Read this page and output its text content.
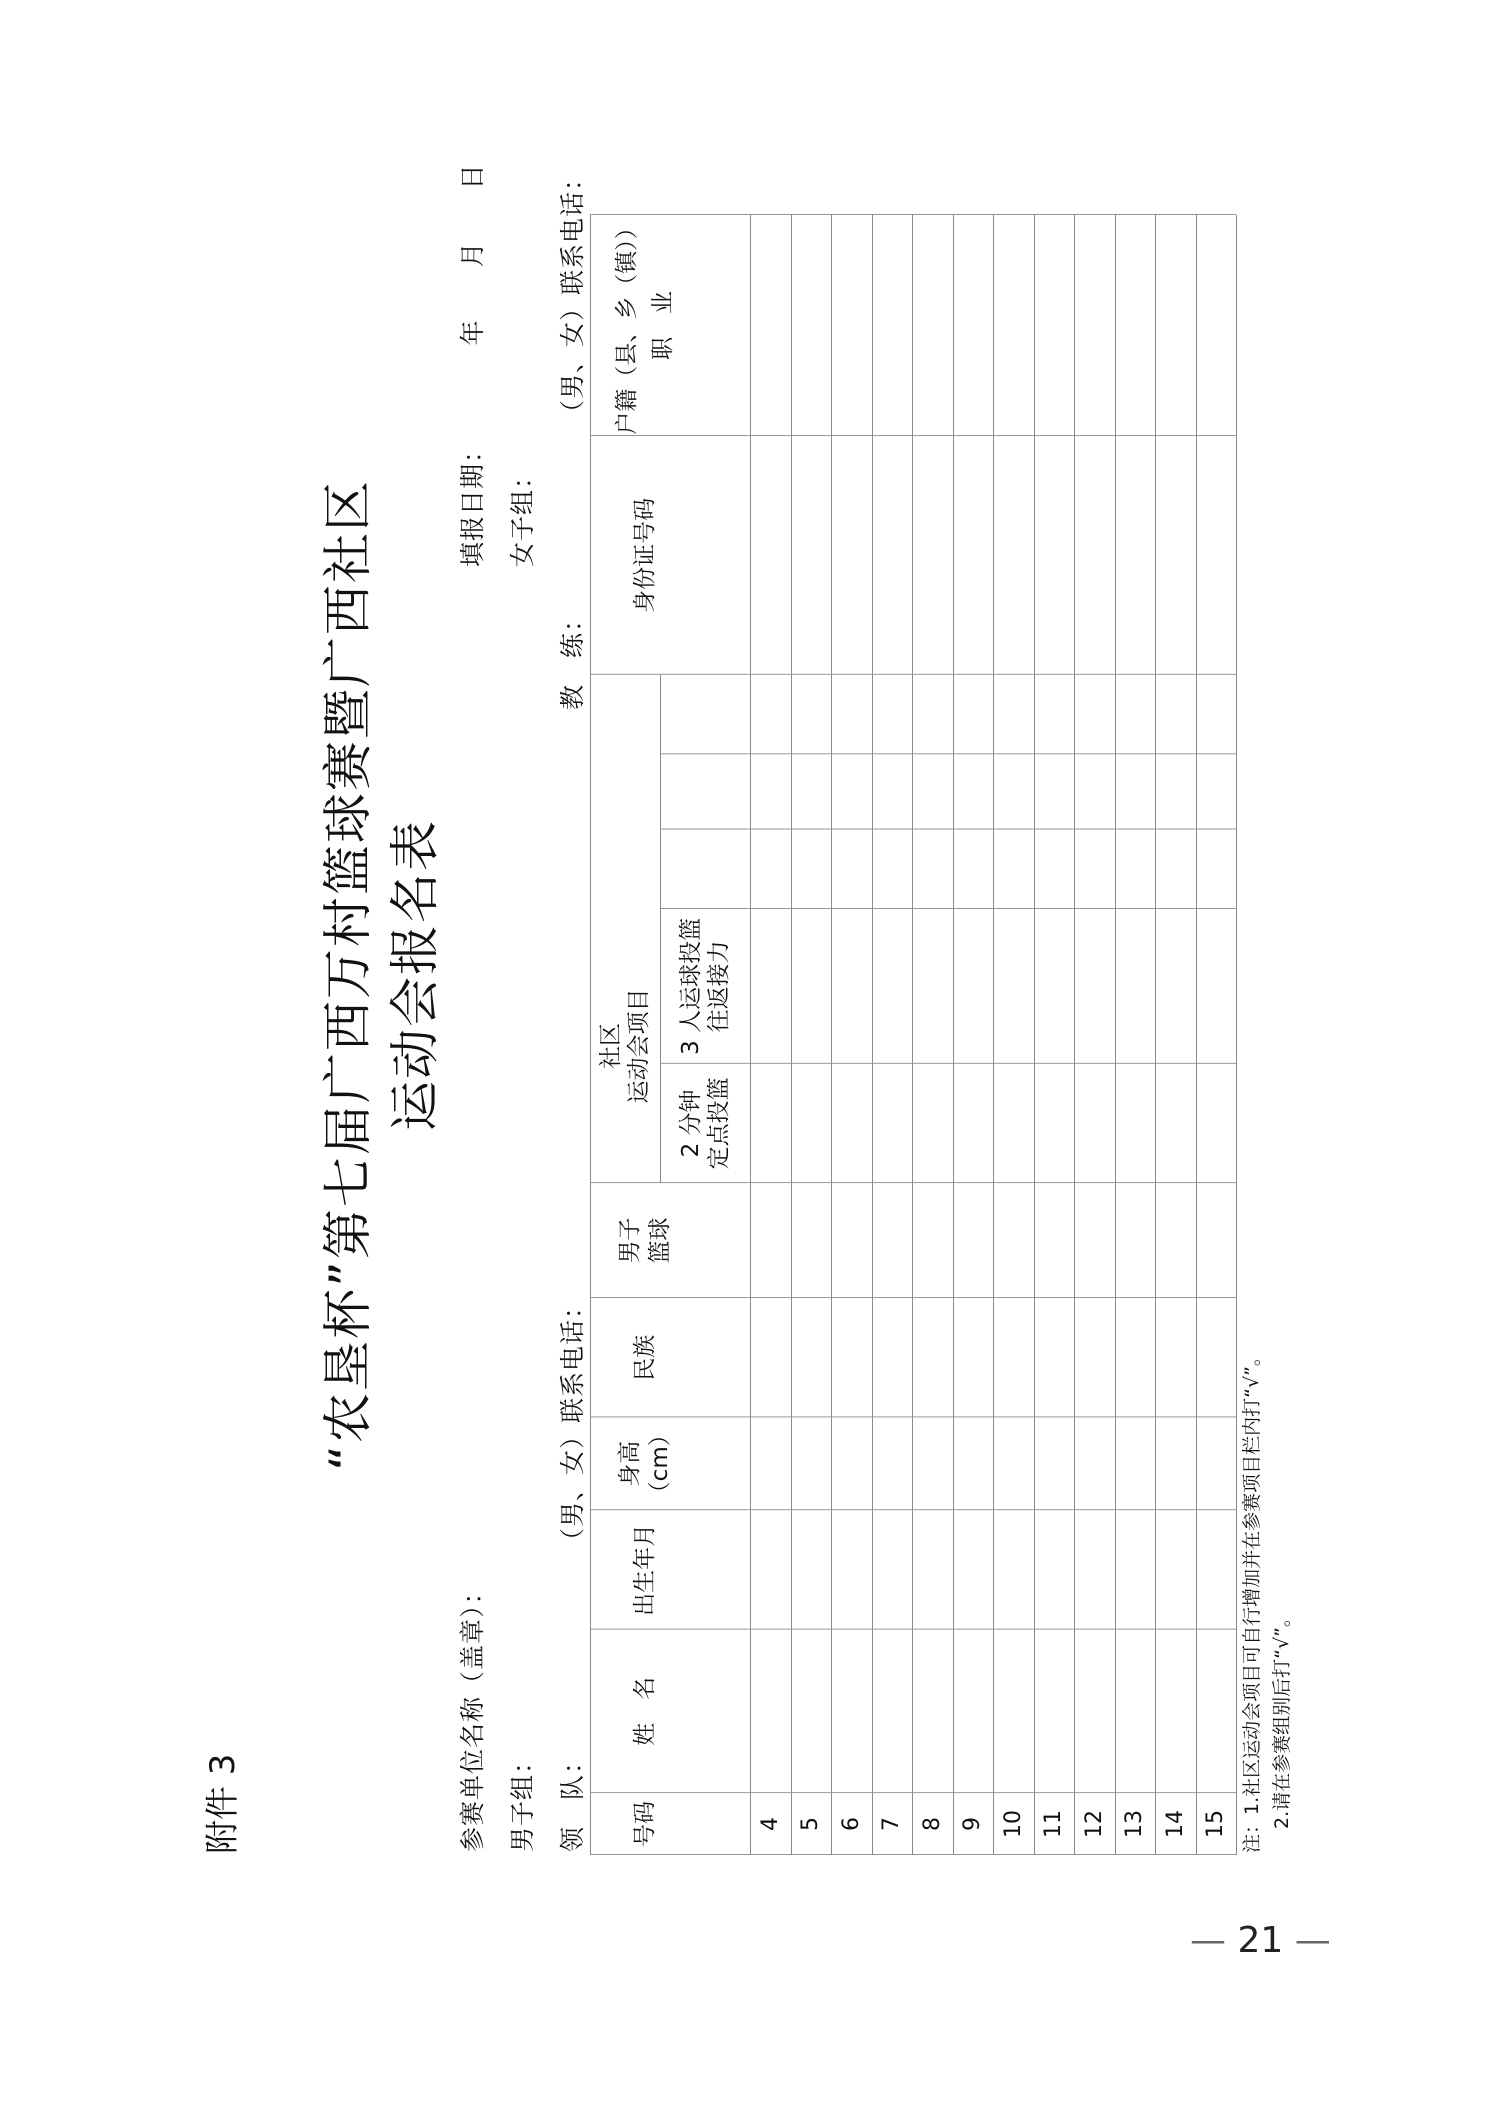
附件 3
“农垦杯”第七届广西万村篮球赛暨广西社区 运动会报名表
参赛单位名称（盖章）：
填报日期：　　　　年　　月　　日
男子组：
女子组：
领　队：
（男、女）联系电话：
教　练：
（男、女）联系电话：
号码
姓　名
出生年月
身高
（cm）
民族
男子
篮球
社区
运动会项目
2 分钟
定点投篮
3 人运球投篮
往返接力
身份证号码
户籍（县、乡（镇））
职　业
4 5 6 7 8 9 10 11 12 13 14 15 注：1.社区运动会项目可自行增加并在参赛项目栏内打“√”。 2.请在参赛组别后打“√”。
— 21 —
